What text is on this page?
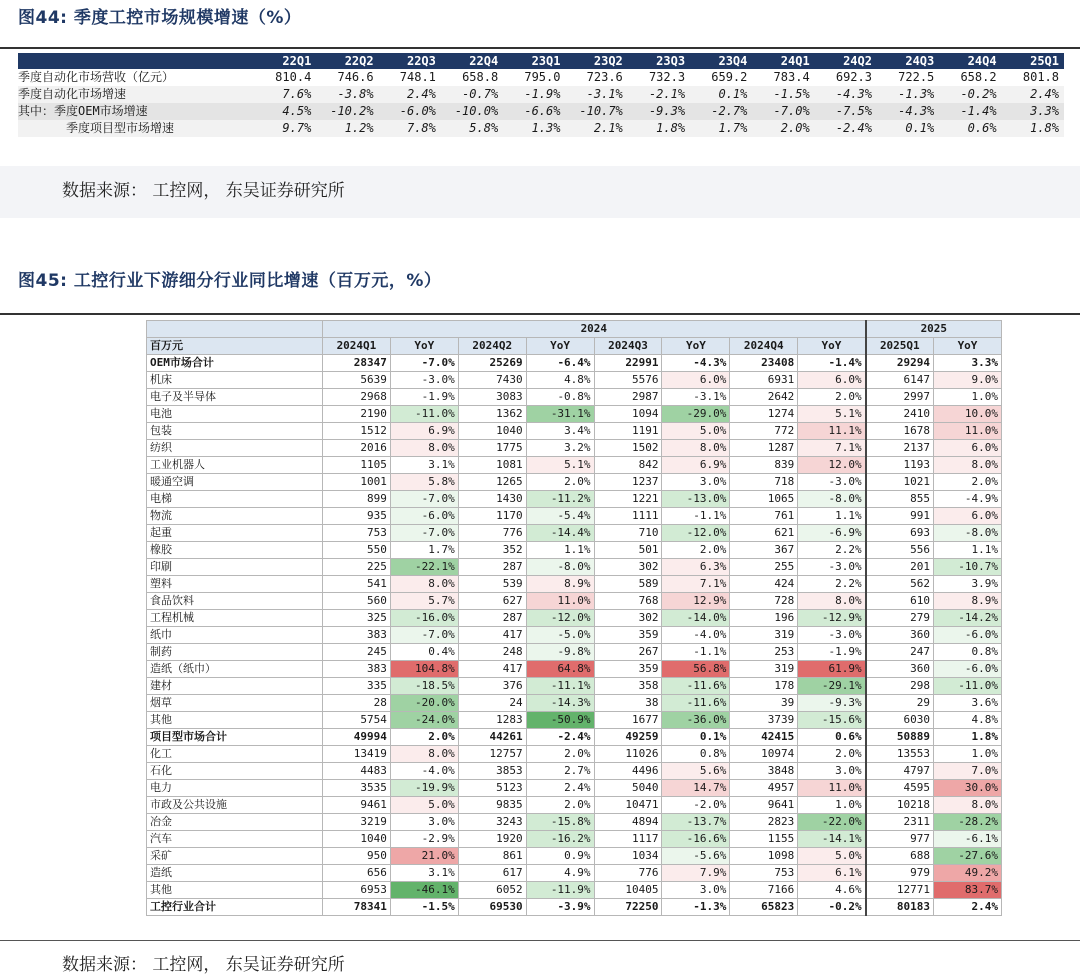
图44: 季度工控市场规模增速（%）
	22Q1	22Q2	22Q3	22Q4	23Q1	23Q2	23Q3	23Q4	24Q1	24Q2	24Q3	24Q4	25Q1
季度自动化市场营收（亿元）	810.4	746.6	748.1	658.8	795.0	723.6	732.3	659.2	783.4	692.3	722.5	658.2	801.8
季度自动化市场增速	7.6%	-3.8%	2.4%	-0.7%	-1.9%	-3.1%	-2.1%	0.1%	-1.5%	-4.3%	-1.3%	-0.2%	2.4%
其中：季度OEM市场增速	4.5%	-10.2%	-6.0%	-10.0%	-6.6%	-10.7%	-9.3%	-2.7%	-7.0%	-7.5%	-4.3%	-1.4%	3.3%
季度项目型市场增速	9.7%	1.2%	7.8%	5.8%	1.3%	2.1%	1.8%	1.7%	2.0%	-2.4%	0.1%	0.6%	1.8%
数据来源： 工控网， 东吴证券研究所
图45: 工控行业下游细分行业同比增速（百万元，%）
	2024								2025	
百万元	2024Q1	YoY	2024Q2	YoY	2024Q3	YoY	2024Q4	YoY	2025Q1	YoY
OEM市场合计	28347	-7.0%	25269	-6.4%	22991	-4.3%	23408	-1.4%	29294	3.3%
机床	5639	-3.0%	7430	4.8%	5576	6.0%	6931	6.0%	6147	9.0%
电子及半导体	2968	-1.9%	3083	-0.8%	2987	-3.1%	2642	2.0%	2997	1.0%
电池	2190	-11.0%	1362	-31.1%	1094	-29.0%	1274	5.1%	2410	10.0%
包装	1512	6.9%	1040	3.4%	1191	5.0%	772	11.1%	1678	11.0%
纺织	2016	8.0%	1775	3.2%	1502	8.0%	1287	7.1%	2137	6.0%
工业机器人	1105	3.1%	1081	5.1%	842	6.9%	839	12.0%	1193	8.0%
暖通空调	1001	5.8%	1265	2.0%	1237	3.0%	718	-3.0%	1021	2.0%
电梯	899	-7.0%	1430	-11.2%	1221	-13.0%	1065	-8.0%	855	-4.9%
物流	935	-6.0%	1170	-5.4%	1111	-1.1%	761	1.1%	991	6.0%
起重	753	-7.0%	776	-14.4%	710	-12.0%	621	-6.9%	693	-8.0%
橡胶	550	1.7%	352	1.1%	501	2.0%	367	2.2%	556	1.1%
印刷	225	-22.1%	287	-8.0%	302	6.3%	255	-3.0%	201	-10.7%
塑料	541	8.0%	539	8.9%	589	7.1%	424	2.2%	562	3.9%
食品饮料	560	5.7%	627	11.0%	768	12.9%	728	8.0%	610	8.9%
工程机械	325	-16.0%	287	-12.0%	302	-14.0%	196	-12.9%	279	-14.2%
纸巾	383	-7.0%	417	-5.0%	359	-4.0%	319	-3.0%	360	-6.0%
制药	245	0.4%	248	-9.8%	267	-1.1%	253	-1.9%	247	0.8%
造纸（纸巾）	383	104.8%	417	64.8%	359	56.8%	319	61.9%	360	-6.0%
建材	335	-18.5%	376	-11.1%	358	-11.6%	178	-29.1%	298	-11.0%
烟草	28	-20.0%	24	-14.3%	38	-11.6%	39	-9.3%	29	3.6%
其他	5754	-24.0%	1283	-50.9%	1677	-36.0%	3739	-15.6%	6030	4.8%
项目型市场合计	49994	2.0%	44261	-2.4%	49259	0.1%	42415	0.6%	50889	1.8%
化工	13419	8.0%	12757	2.0%	11026	0.8%	10974	2.0%	13553	1.0%
石化	4483	-4.0%	3853	2.7%	4496	5.6%	3848	3.0%	4797	7.0%
电力	3535	-19.9%	5123	2.4%	5040	14.7%	4957	11.0%	4595	30.0%
市政及公共设施	9461	5.0%	9835	2.0%	10471	-2.0%	9641	1.0%	10218	8.0%
冶金	3219	3.0%	3243	-15.8%	4894	-13.7%	2823	-22.0%	2311	-28.2%
汽车	1040	-2.9%	1920	-16.2%	1117	-16.6%	1155	-14.1%	977	-6.1%
采矿	950	21.0%	861	0.9%	1034	-5.6%	1098	5.0%	688	-27.6%
造纸	656	3.1%	617	4.9%	776	7.9%	753	6.1%	979	49.2%
其他	6953	-46.1%	6052	-11.9%	10405	3.0%	7166	4.6%	12771	83.7%
工控行业合计	78341	-1.5%	69530	-3.9%	72250	-1.3%	65823	-0.2%	80183	2.4%
数据来源： 工控网， 东吴证券研究所
